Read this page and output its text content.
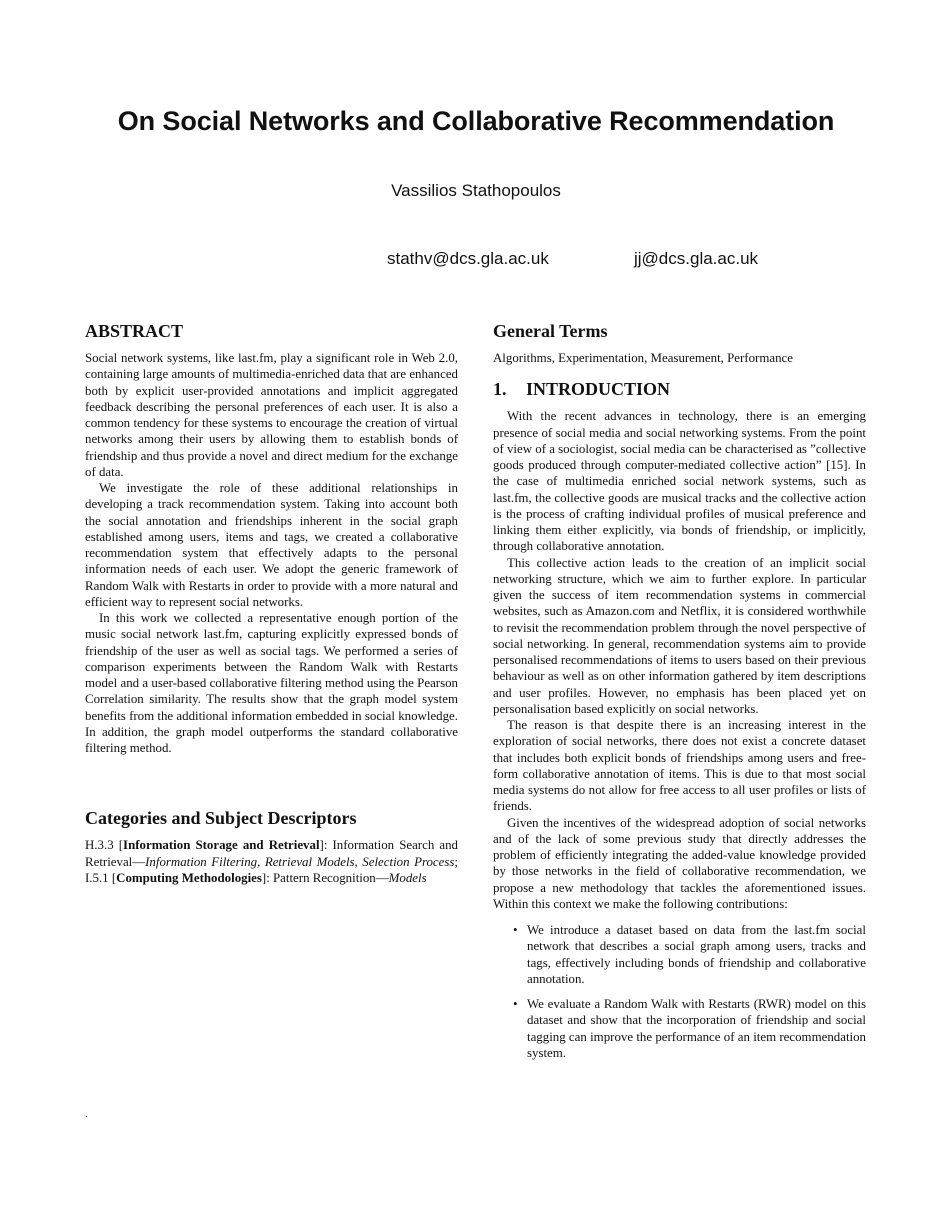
On Social Networks and Collaborative Recommendation
Vassilios Stathopoulos
stathv@dcs.gla.ac.uk	jj@dcs.gla.ac.uk
ABSTRACT

Social network systems, like last.fm, play a significant role in Web 2.0, containing large amounts of multimedia-enriched data that are enhanced both by explicit user-provided annotations and implicit aggregated feedback describing the personal preferences of each user. It is also a common tendency for these systems to encourage the creation of virtual networks among their users by allowing them to establish bonds of friendship and thus provide a novel and direct medium for the exchange of data.

We investigate the role of these additional relationships in developing a track recommendation system. Taking into account both the social annotation and friendships inherent in the social graph established among users, items and tags, we created a collaborative recommendation system that effectively adapts to the personal information needs of each user. We adopt the generic framework of Random Walk with Restarts in order to provide with a more natural and efficient way to represent social networks.

In this work we collected a representative enough portion of the music social network last.fm, capturing explicitly expressed bonds of friendship of the user as well as social tags. We performed a series of comparison experiments between the Random Walk with Restarts model and a user-based collaborative filtering method using the Pearson Correlation similarity. The results show that the graph model system benefits from the additional information embedded in social knowledge. In addition, the graph model outperforms the standard collaborative filtering method.

Categories and Subject Descriptors

H.3.3 [Information Storage and Retrieval]: Information Search and Retrieval—Information Filtering, Retrieval Models, Selection Process; I.5.1 [Computing Methodologies]: Pattern Recognition—Models

General Terms

Algorithms, Experimentation, Measurement, Performance

1. INTRODUCTION

With the recent advances in technology, there is an emerging presence of social media and social networking systems. From the point of view of a sociologist, social media can be characterised as ”collective goods produced through computer-mediated collective action” [15]. In the case of multimedia enriched social network systems, such as last.fm, the collective goods are musical tracks and the collective action is the process of crafting individual profiles of musical preference and linking them either explicitly, via bonds of friendship, or implicitly, through collaborative annotation.

This collective action leads to the creation of an implicit social networking structure, which we aim to further explore. In particular given the success of item recommendation systems in commercial websites, such as Amazon.com and Netflix, it is considered worthwhile to revisit the recommendation problem through the novel perspective of social networking. In general, recommendation systems aim to provide personalised recommendations of items to users based on their previous behaviour as well as on other information gathered by item descriptions and user profiles. However, no emphasis has been placed yet on personalisation based explicitly on social networks.

The reason is that despite there is an increasing interest in the exploration of social networks, there does not exist a concrete dataset that includes both explicit bonds of friendships among users and free-form collaborative annotation of items. This is due to that most social media systems do not allow for free access to all user profiles or lists of friends.

Given the incentives of the widespread adoption of social networks and of the lack of some previous study that directly addresses the problem of efficiently integrating the added-value knowledge provided by those networks in the field of collaborative recommendation, we propose a new methodology that tackles the aforementioned issues. Within this context we make the following contributions:

• We introduce a dataset based on data from the last.fm social network that describes a social graph among users, tracks and tags, effectively including bonds of friendship and collaborative annotation.
• We evaluate a Random Walk with Restarts (RWR) model on this dataset and show that the incorporation of friendship and social tagging can improve the performance of an item recommendation system.
.
